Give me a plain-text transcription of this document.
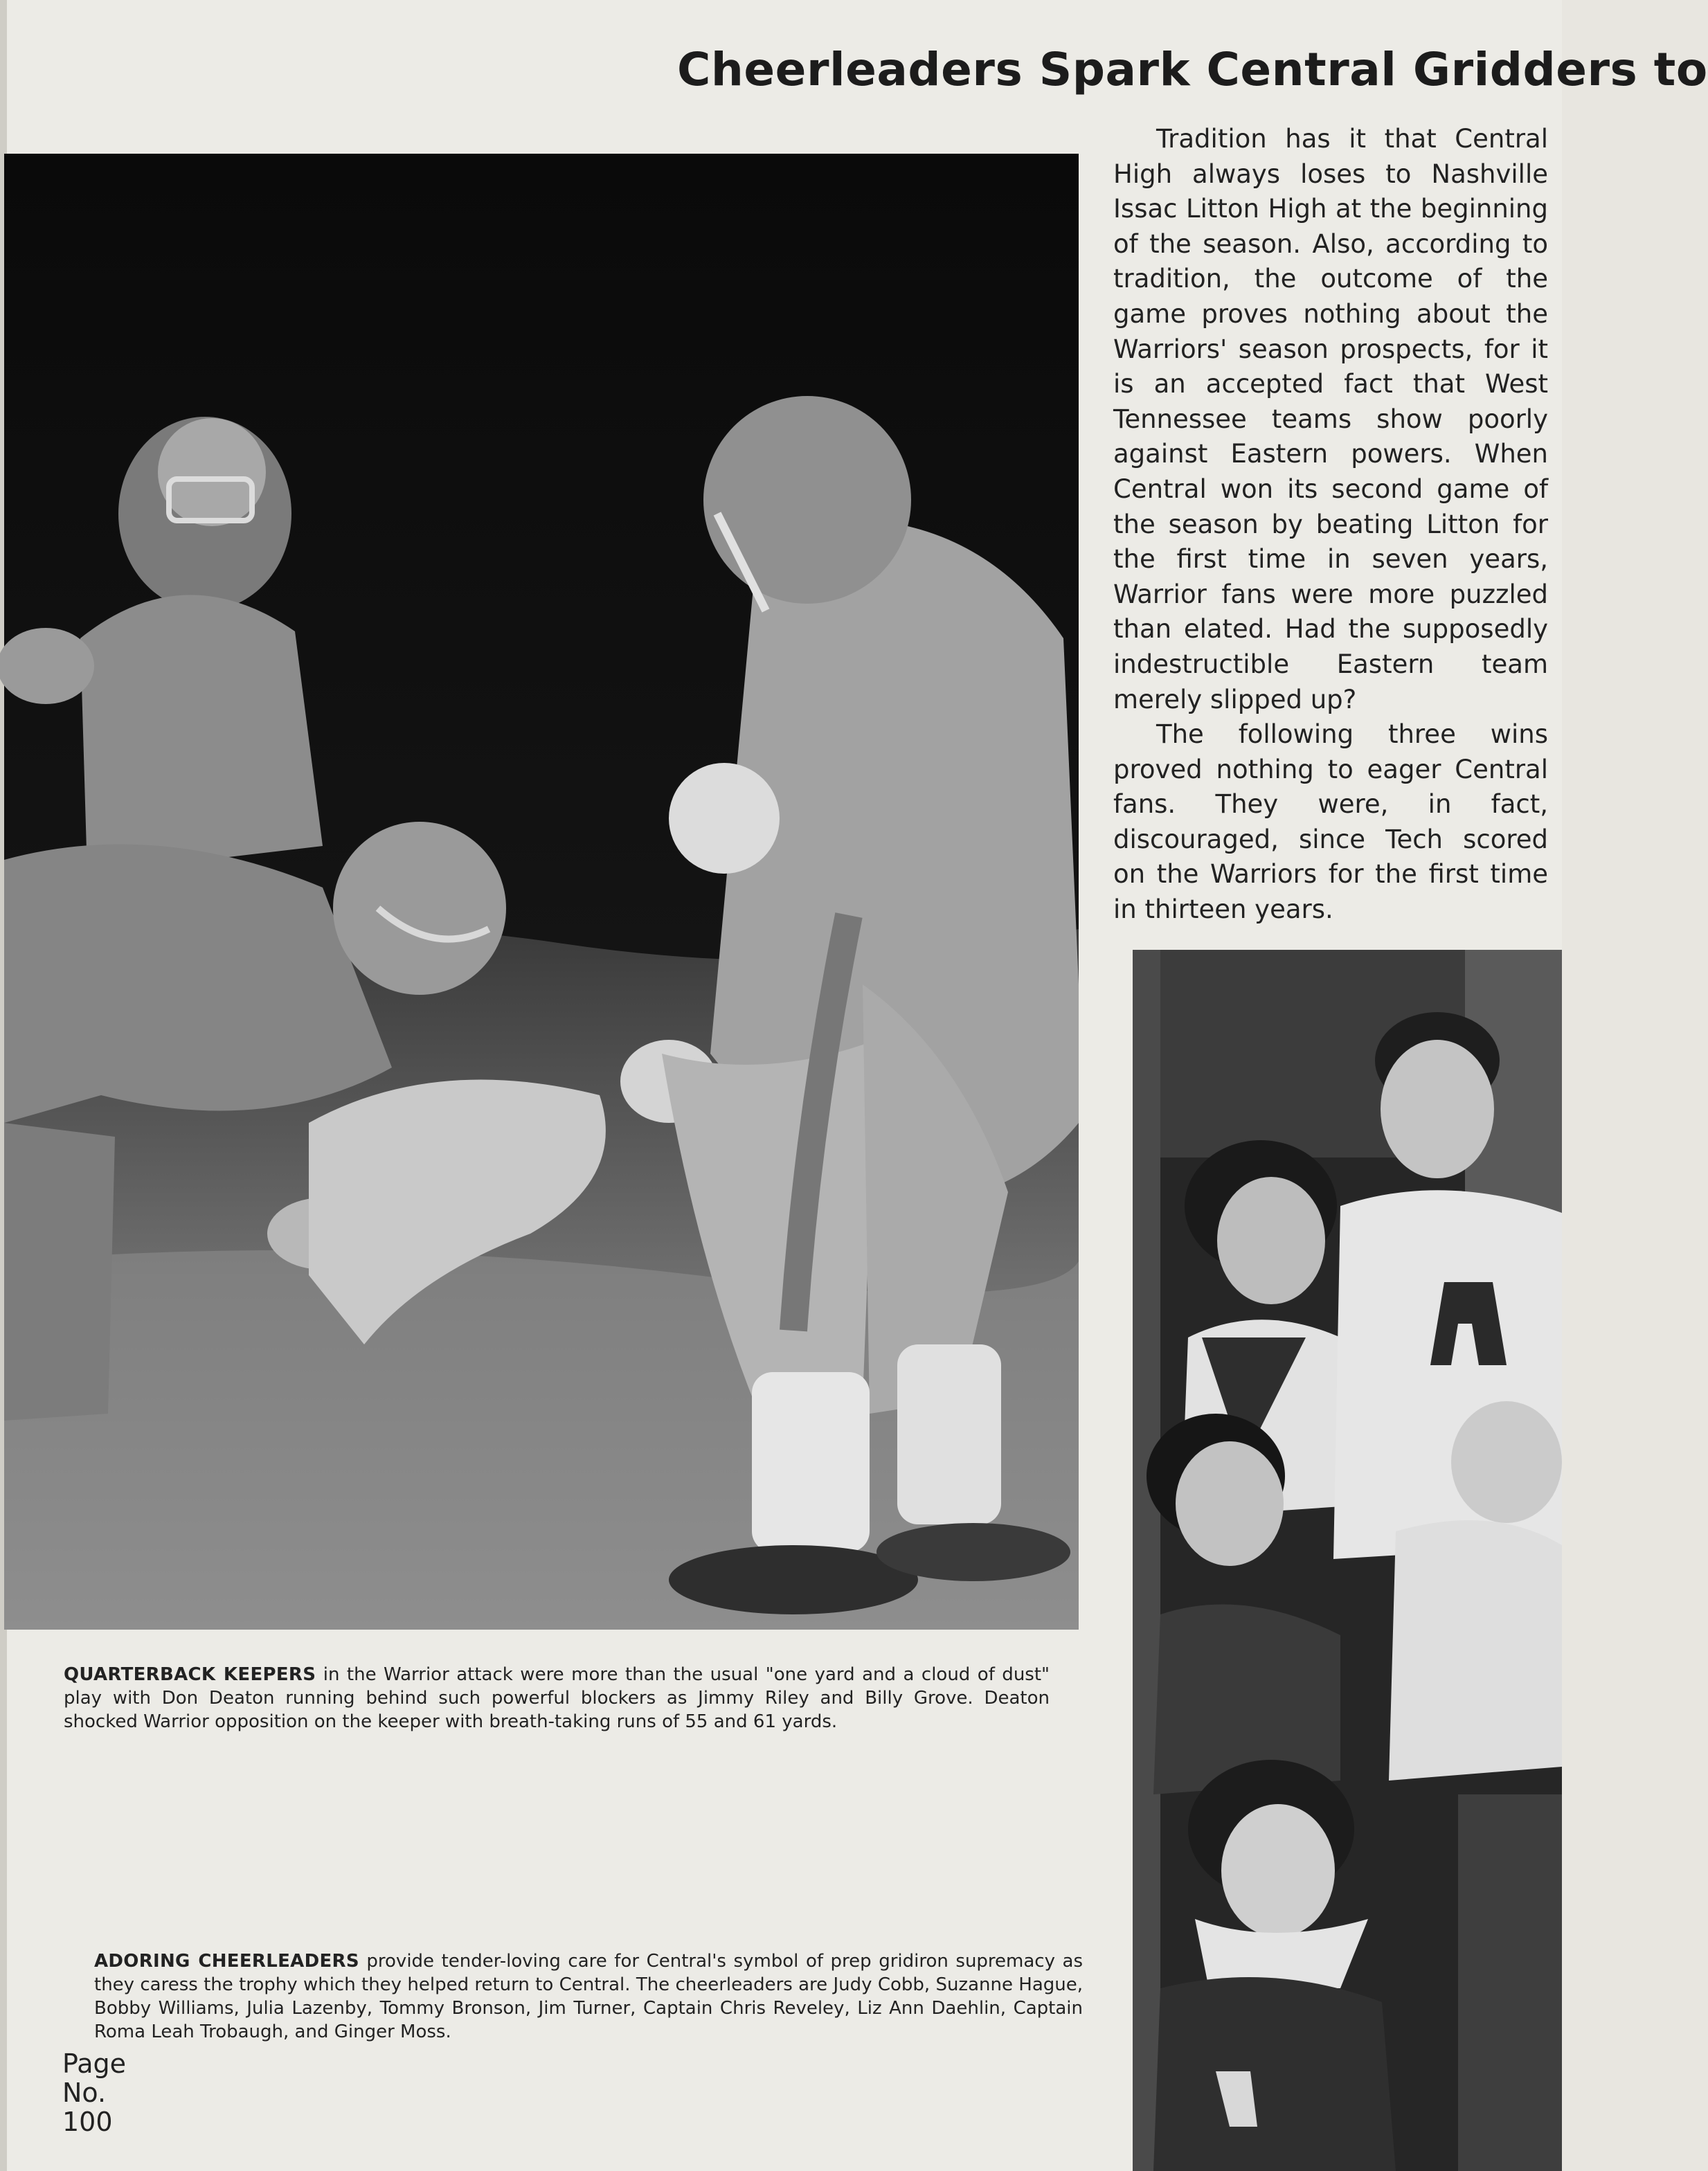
Cheerleaders Spark Central Gridders to

Tradition has it that Central High always loses to Nashville Issac Litton High at the beginning of the season. Also, according to tradition, the outcome of the game proves nothing about the Warriors' season prospects, for it is an accepted fact that West Tennessee teams show poorly against Eastern powers. When Central won its second game of the season by beating Litton for the first time in seven years, Warrior fans were more puzzled than elated. Had the supposedly indestructible Eastern team merely slipped up?

The following three wins proved nothing to eager Central fans. They were, in fact, discouraged, since Tech scored on the Warriors for the first time in thirteen years.

QUARTERBACK KEEPERS in the Warrior attack were more than the usual "one yard and a cloud of dust" play with Don Deaton running behind such powerful blockers as Jimmy Riley and Billy Grove. Deaton shocked Warrior opposition on the keeper with breath-taking runs of 55 and 61 yards.
ADORING CHEERLEADERS provide tender-loving care for Central's symbol of prep gridiron supremacy as they caress the trophy which they helped return to Central. The cheerleaders are Judy Cobb, Suzanne Hague, Bobby Williams, Julia Lazenby, Tommy Bronson, Jim Turner, Captain Chris Reveley, Liz Ann Daehlin, Captain Roma Leah Trobaugh, and Ginger Moss.
Page
No.
100
